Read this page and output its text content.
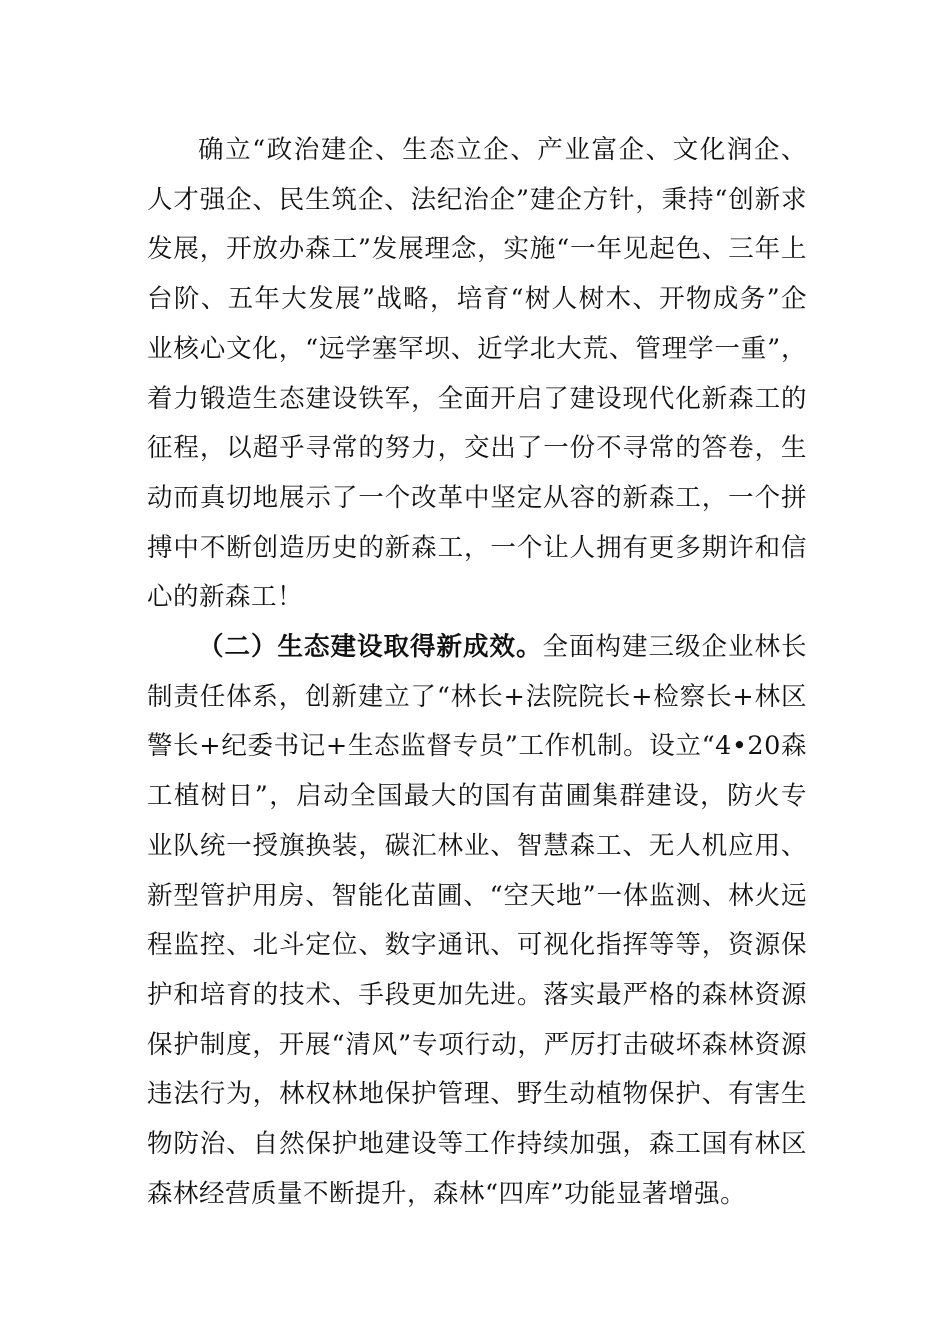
确立“政治建企、生态立企、产业富企、文化润企、人才强企、民生筑企、法纪治企”建企方针，秉持“创新求发展，开放办森工”发展理念，实施“一年见起色、三年上台阶、五年大发展”战略，培育“树人树木、开物成务”企业核心文化，“远学塞罕坝、近学北大荒、管理学一重”，着力锻造生态建设铁军，全面开启了建设现代化新森工的征程，以超乎寻常的努力，交出了一份不寻常的答卷，生动而真切地展示了一个改革中坚定从容的新森工，一个拼搏中不断创造历史的新森工，一个让人拥有更多期许和信心的新森工！

（二）生态建设取得新成效。全面构建三级企业林长制责任体系，创新建立了“林长+法院院长+检察长+林区警长+纪委书记+生态监督专员”工作机制。设立“4•20森工植树日”，启动全国最大的国有苗圃集群建设，防火专业队统一授旗换装，碳汇林业、智慧森工、无人机应用、新型管护用房、智能化苗圃、“空天地”一体监测、林火远程监控、北斗定位、数字通讯、可视化指挥等等，资源保护和培育的技术、手段更加先进。落实最严格的森林资源保护制度，开展“清风”专项行动，严厉打击破坏森林资源违法行为，林权林地保护管理、野生动植物保护、有害生物防治、自然保护地建设等工作持续加强，森工国有林区森林经营质量不断提升，森林“四库”功能显著增强。
